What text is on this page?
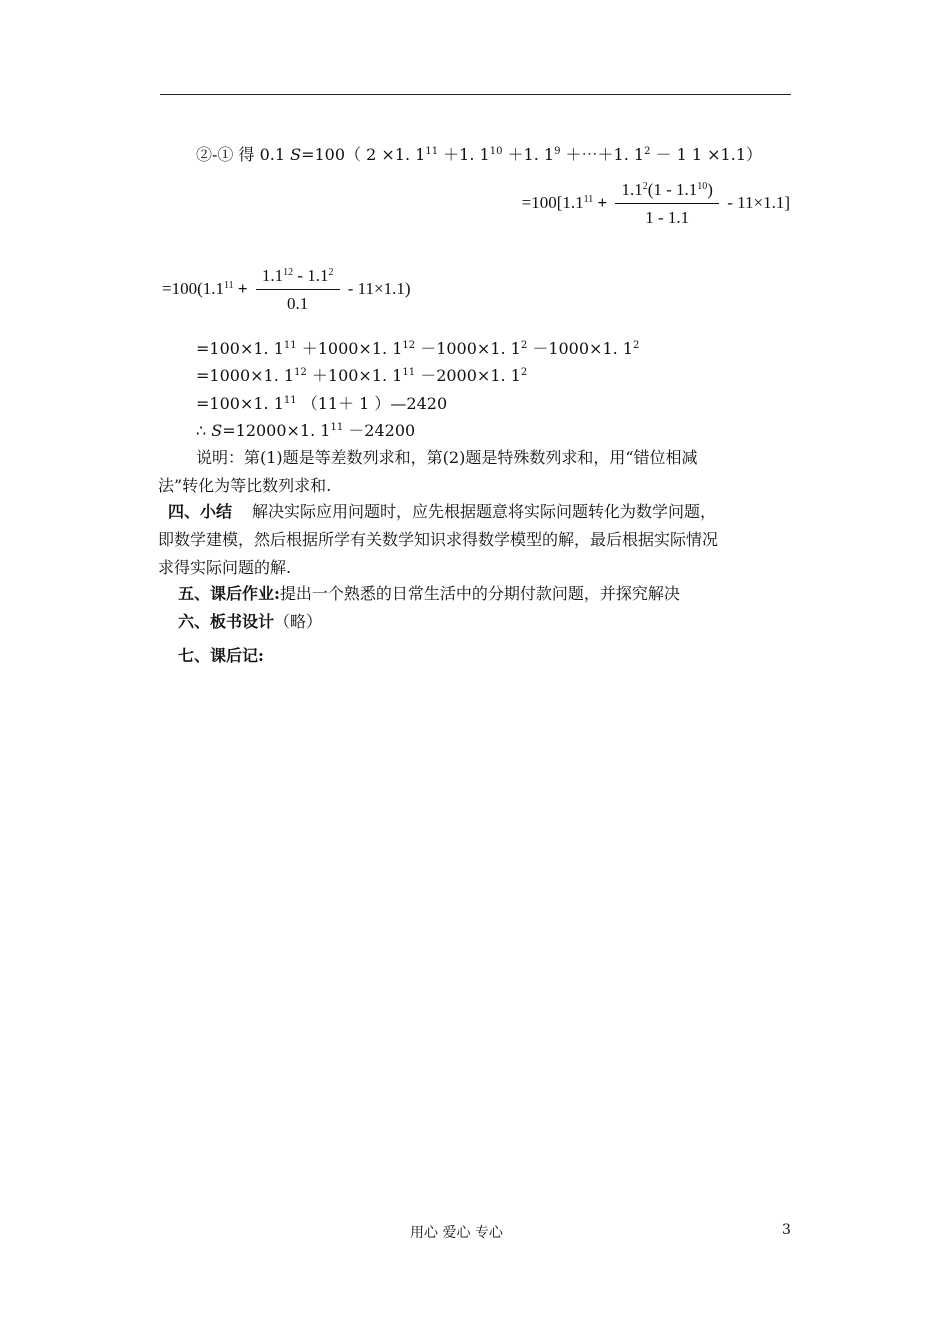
②-① 得 0.1 S=100（ 2 ×1. $1^{11} +1$. $1^{10} +1$. $1^9$ ＋⋯＋1. $1^2 - 1$ 1 ×1.1）
$=100[1.1^{11} + \frac{1.1^2(1 - 1.1^{10})}{1 - 1.1} - 11\times 1.1]$
$=100(1.1^{11} + \frac{1.1^{12} - 1.1^2}{0.1} - 11\times 1.1)$
=100×1. $1^{11} +1000\times 1$. $1^{12} -1000\times 1$. $1^2 -1000\times 1$. $1^2$
=1000×1. $1^{12} +100\times 1$. $1^{11} -2000\times 1$. $1^2$
=100×1. $1^{11}$ （11＋ 1 ）—2420
∴ S=12000×1. $1^{11} -24200$

说明：第(1)题是等差数列求和，第(2)题是特殊数列求和，用“错位相减

法”转化为等比数列求和.

四、小结 解决实际应用问题时，应先根据题意将实际问题转化为数学问题，

即数学建模，然后根据所学有关数学知识求得数学模型的解，最后根据实际情况

求得实际问题的解.

五、课后作业:提出一个熟悉的日常生活中的分期付款问题，并探究解决

六、板书设计（略）

七、课后记:

用心 爱心 专心	3
